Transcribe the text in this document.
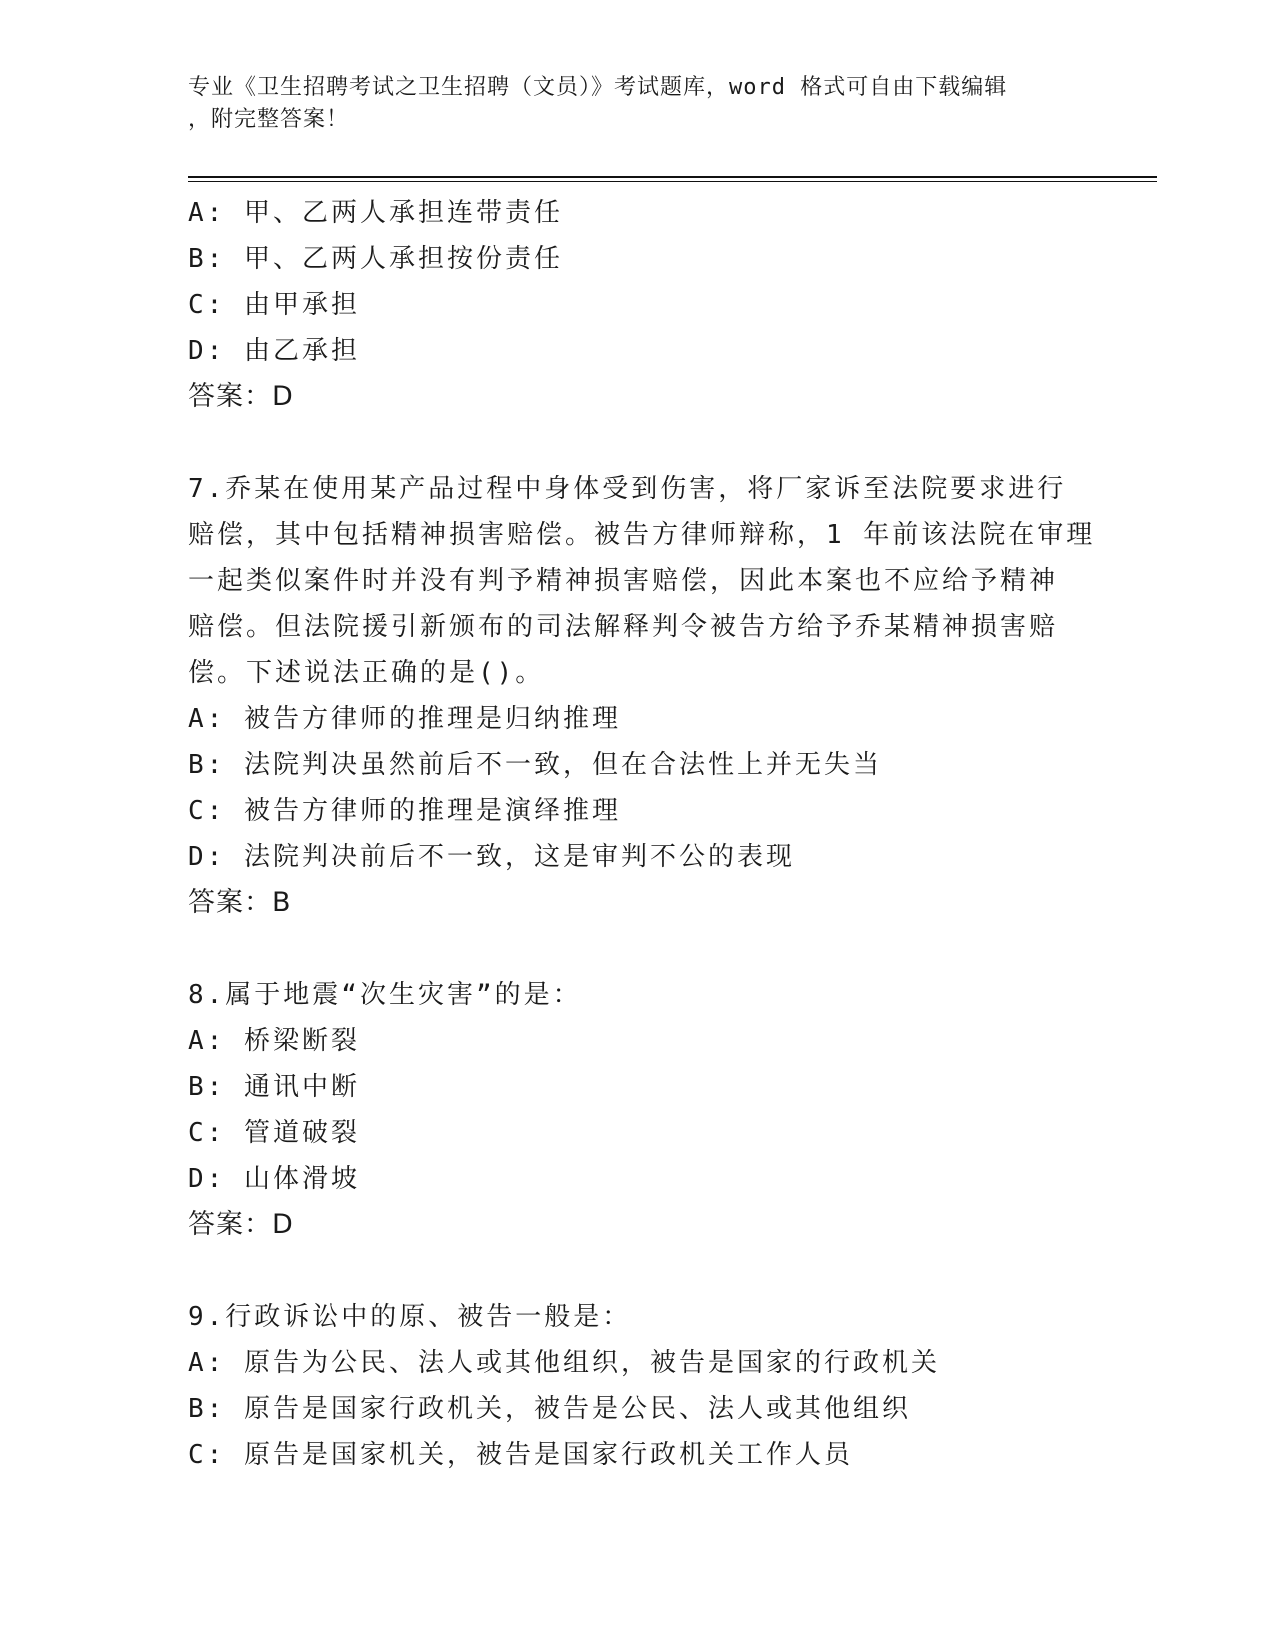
专业《卫生招聘考试之卫生招聘（文员）》考试题库，word 格式可自由下载编辑
，附完整答案！
A: 甲、乙两人承担连带责任
B: 甲、乙两人承担按份责任
C: 由甲承担
D: 由乙承担
答案：D
7.乔某在使用某产品过程中身体受到伤害，将厂家诉至法院要求进行
赔偿，其中包括精神损害赔偿。被告方律师辩称，1 年前该法院在审理
一起类似案件时并没有判予精神损害赔偿，因此本案也不应给予精神
赔偿。但法院援引新颁布的司法解释判令被告方给予乔某精神损害赔
偿。下述说法正确的是()。
A: 被告方律师的推理是归纳推理
B: 法院判决虽然前后不一致，但在合法性上并无失当
C: 被告方律师的推理是演绎推理
D: 法院判决前后不一致，这是审判不公的表现
答案：B
8.属于地震“次生灾害”的是：
A: 桥梁断裂
B: 通讯中断
C: 管道破裂
D: 山体滑坡
答案：D
9.行政诉讼中的原、被告一般是：
A: 原告为公民、法人或其他组织，被告是国家的行政机关
B: 原告是国家行政机关，被告是公民、法人或其他组织
C: 原告是国家机关，被告是国家行政机关工作人员
